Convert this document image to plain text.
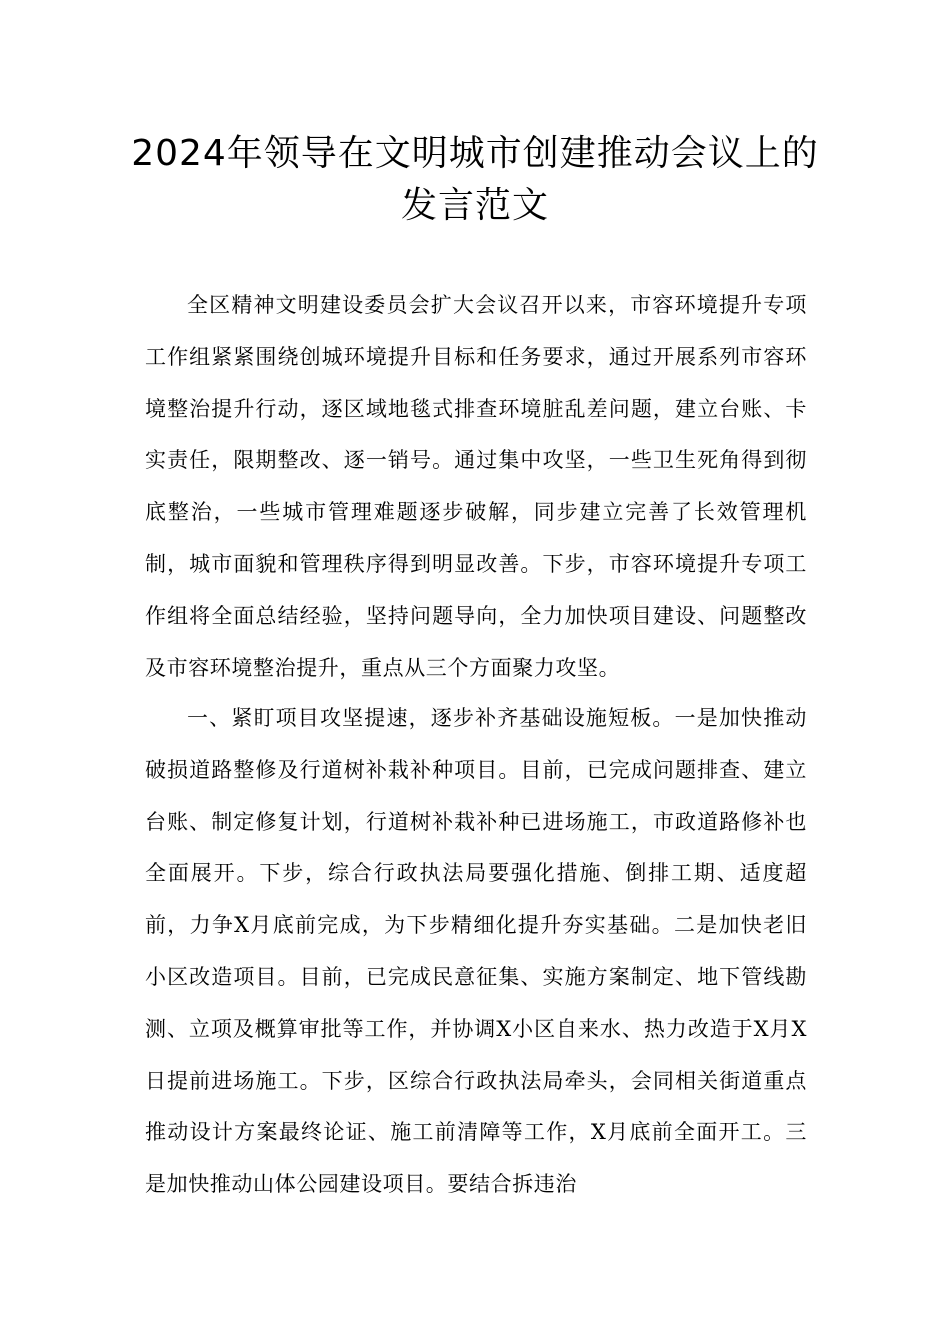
2024年领导在文明城市创建推动会议上的发言范文

全区精神文明建设委员会扩大会议召开以来，市容环境提升专项工作组紧紧围绕创城环境提升目标和任务要求，通过开展系列市容环境整治提升行动，逐区域地毯式排查环境脏乱差问题，建立台账、卡实责任，限期整改、逐一销号。通过集中攻坚，一些卫生死角得到彻底整治，一些城市管理难题逐步破解，同步建立完善了长效管理机制，城市面貌和管理秩序得到明显改善。下步，市容环境提升专项工作组将全面总结经验，坚持问题导向，全力加快项目建设、问题整改及市容环境整治提升，重点从三个方面聚力攻坚。

一、紧盯项目攻坚提速，逐步补齐基础设施短板。一是加快推动破损道路整修及行道树补栽补种项目。目前，已完成问题排查、建立台账、制定修复计划，行道树补栽补种已进场施工，市政道路修补也全面展开。下步，综合行政执法局要强化措施、倒排工期、适度超前，力争X月底前完成，为下步精细化提升夯实基础。二是加快老旧小区改造项目。目前，已完成民意征集、实施方案制定、地下管线勘测、立项及概算审批等工作，并协调X小区自来水、热力改造于X月X日提前进场施工。下步，区综合行政执法局牵头，会同相关街道重点推动设计方案最终论证、施工前清障等工作，X月底前全面开工。三是加快推动山体公园建设项目。要结合拆违治
